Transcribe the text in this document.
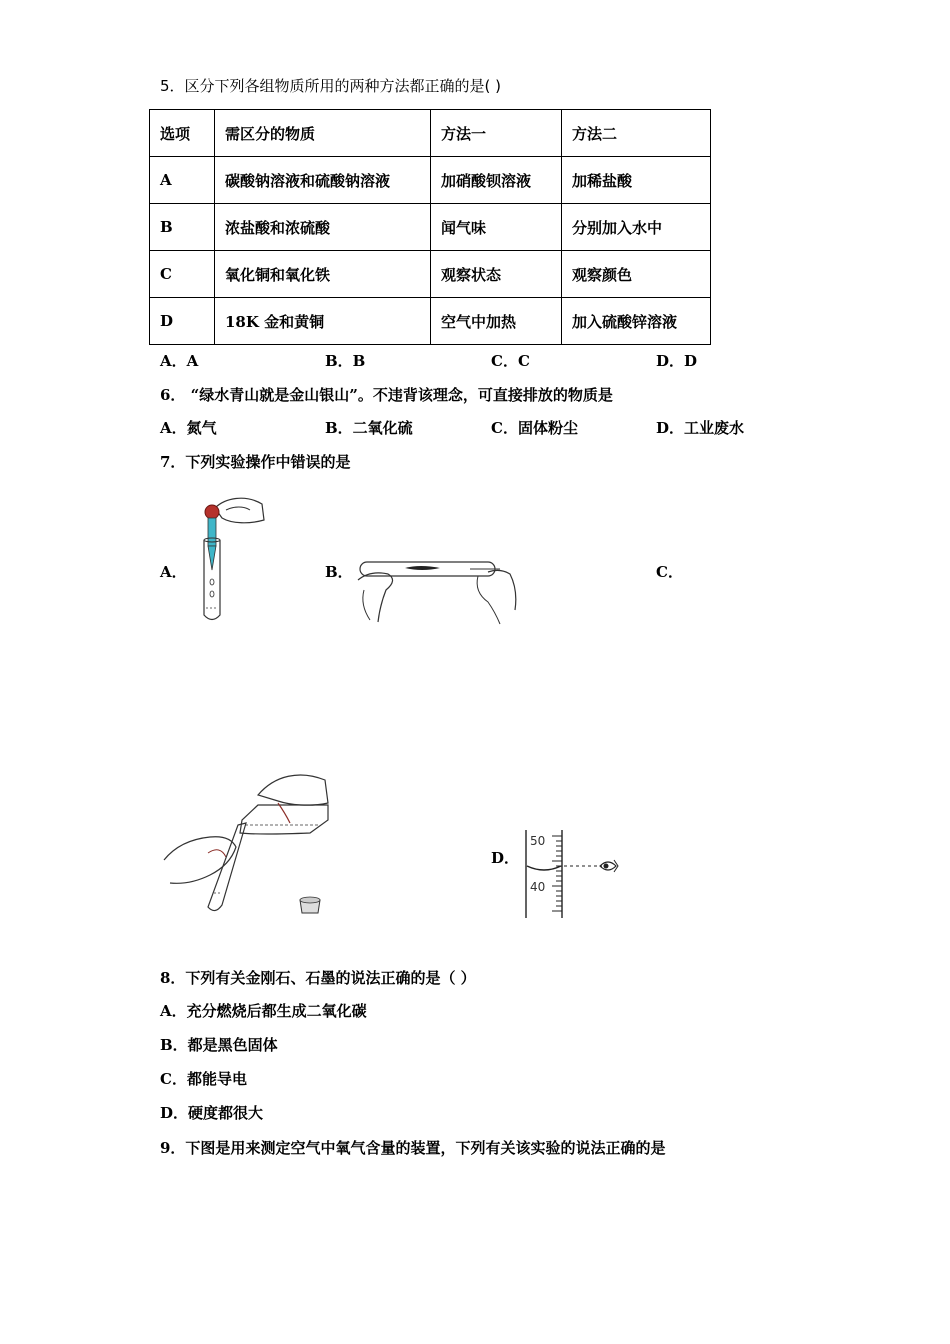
5．区分下列各组物质所用的两种方法都正确的是( )
选项	需区分的物质	方法一	方法二
A	碳酸钠溶液和硫酸钠溶液	加硝酸钡溶液	加稀盐酸
B	浓盐酸和浓硫酸	闻气味	分别加入水中
C	氧化铜和氧化铁	观察状态	观察颜色
D	18K 金和黄铜	空气中加热	加入硫酸锌溶液
A．A	B．B	C．C	D．D
6． “绿水青山就是金山银山”。不违背该理念，可直接排放的物质是
A．氮气	B．二氧化硫	C．固体粉尘	D．工业废水
7．下列实验操作中错误的是
A．	B．	C．
D．
50
40
8．下列有关金刚石、石墨的说法正确的是（ ）
A．充分燃烧后都生成二氧化碳
B．都是黑色固体
C．都能导电
D．硬度都很大
9．下图是用来测定空气中氧气含量的装置，下列有关该实验的说法正确的是
